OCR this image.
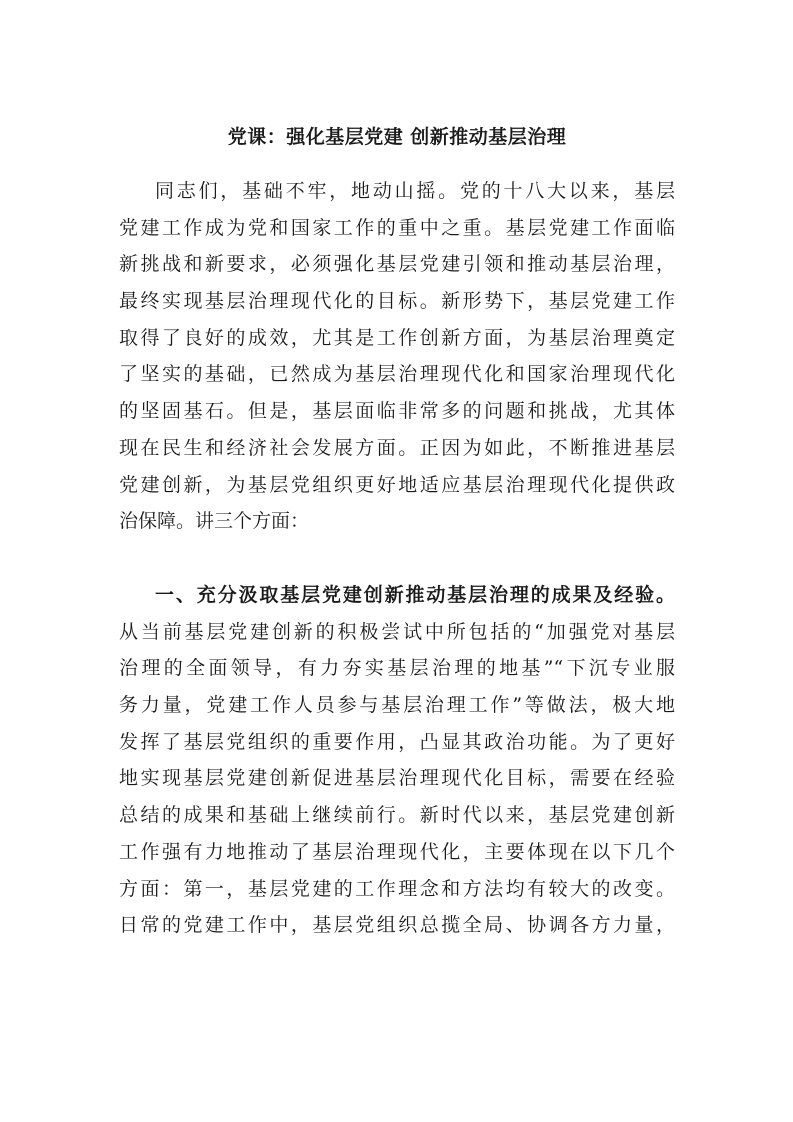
党课：强化基层党建 创新推动基层治理
同志们，基础不牢，地动山摇。党的十八大以来，基层
党建工作成为党和国家工作的重中之重。基层党建工作面临
新挑战和新要求，必须强化基层党建引领和推动基层治理，
最终实现基层治理现代化的目标。新形势下，基层党建工作
取得了良好的成效，尤其是工作创新方面，为基层治理奠定
了坚实的基础，已然成为基层治理现代化和国家治理现代化
的坚固基石。但是，基层面临非常多的问题和挑战，尤其体
现在民生和经济社会发展方面。正因为如此，不断推进基层
党建创新，为基层党组织更好地适应基层治理现代化提供政
治保障。讲三个方面：
一、充分汲取基层党建创新推动基层治理的成果及经验。
从当前基层党建创新的积极尝试中所包括的“加强党对基层
治理的全面领导，有力夯实基层治理的地基”“下沉专业服
务力量，党建工作人员参与基层治理工作”等做法，极大地
发挥了基层党组织的重要作用，凸显其政治功能。为了更好
地实现基层党建创新促进基层治理现代化目标，需要在经验
总结的成果和基础上继续前行。新时代以来，基层党建创新
工作强有力地推动了基层治理现代化，主要体现在以下几个
方面：第一，基层党建的工作理念和方法均有较大的改变。
日常的党建工作中，基层党组织总揽全局、协调各方力量，
